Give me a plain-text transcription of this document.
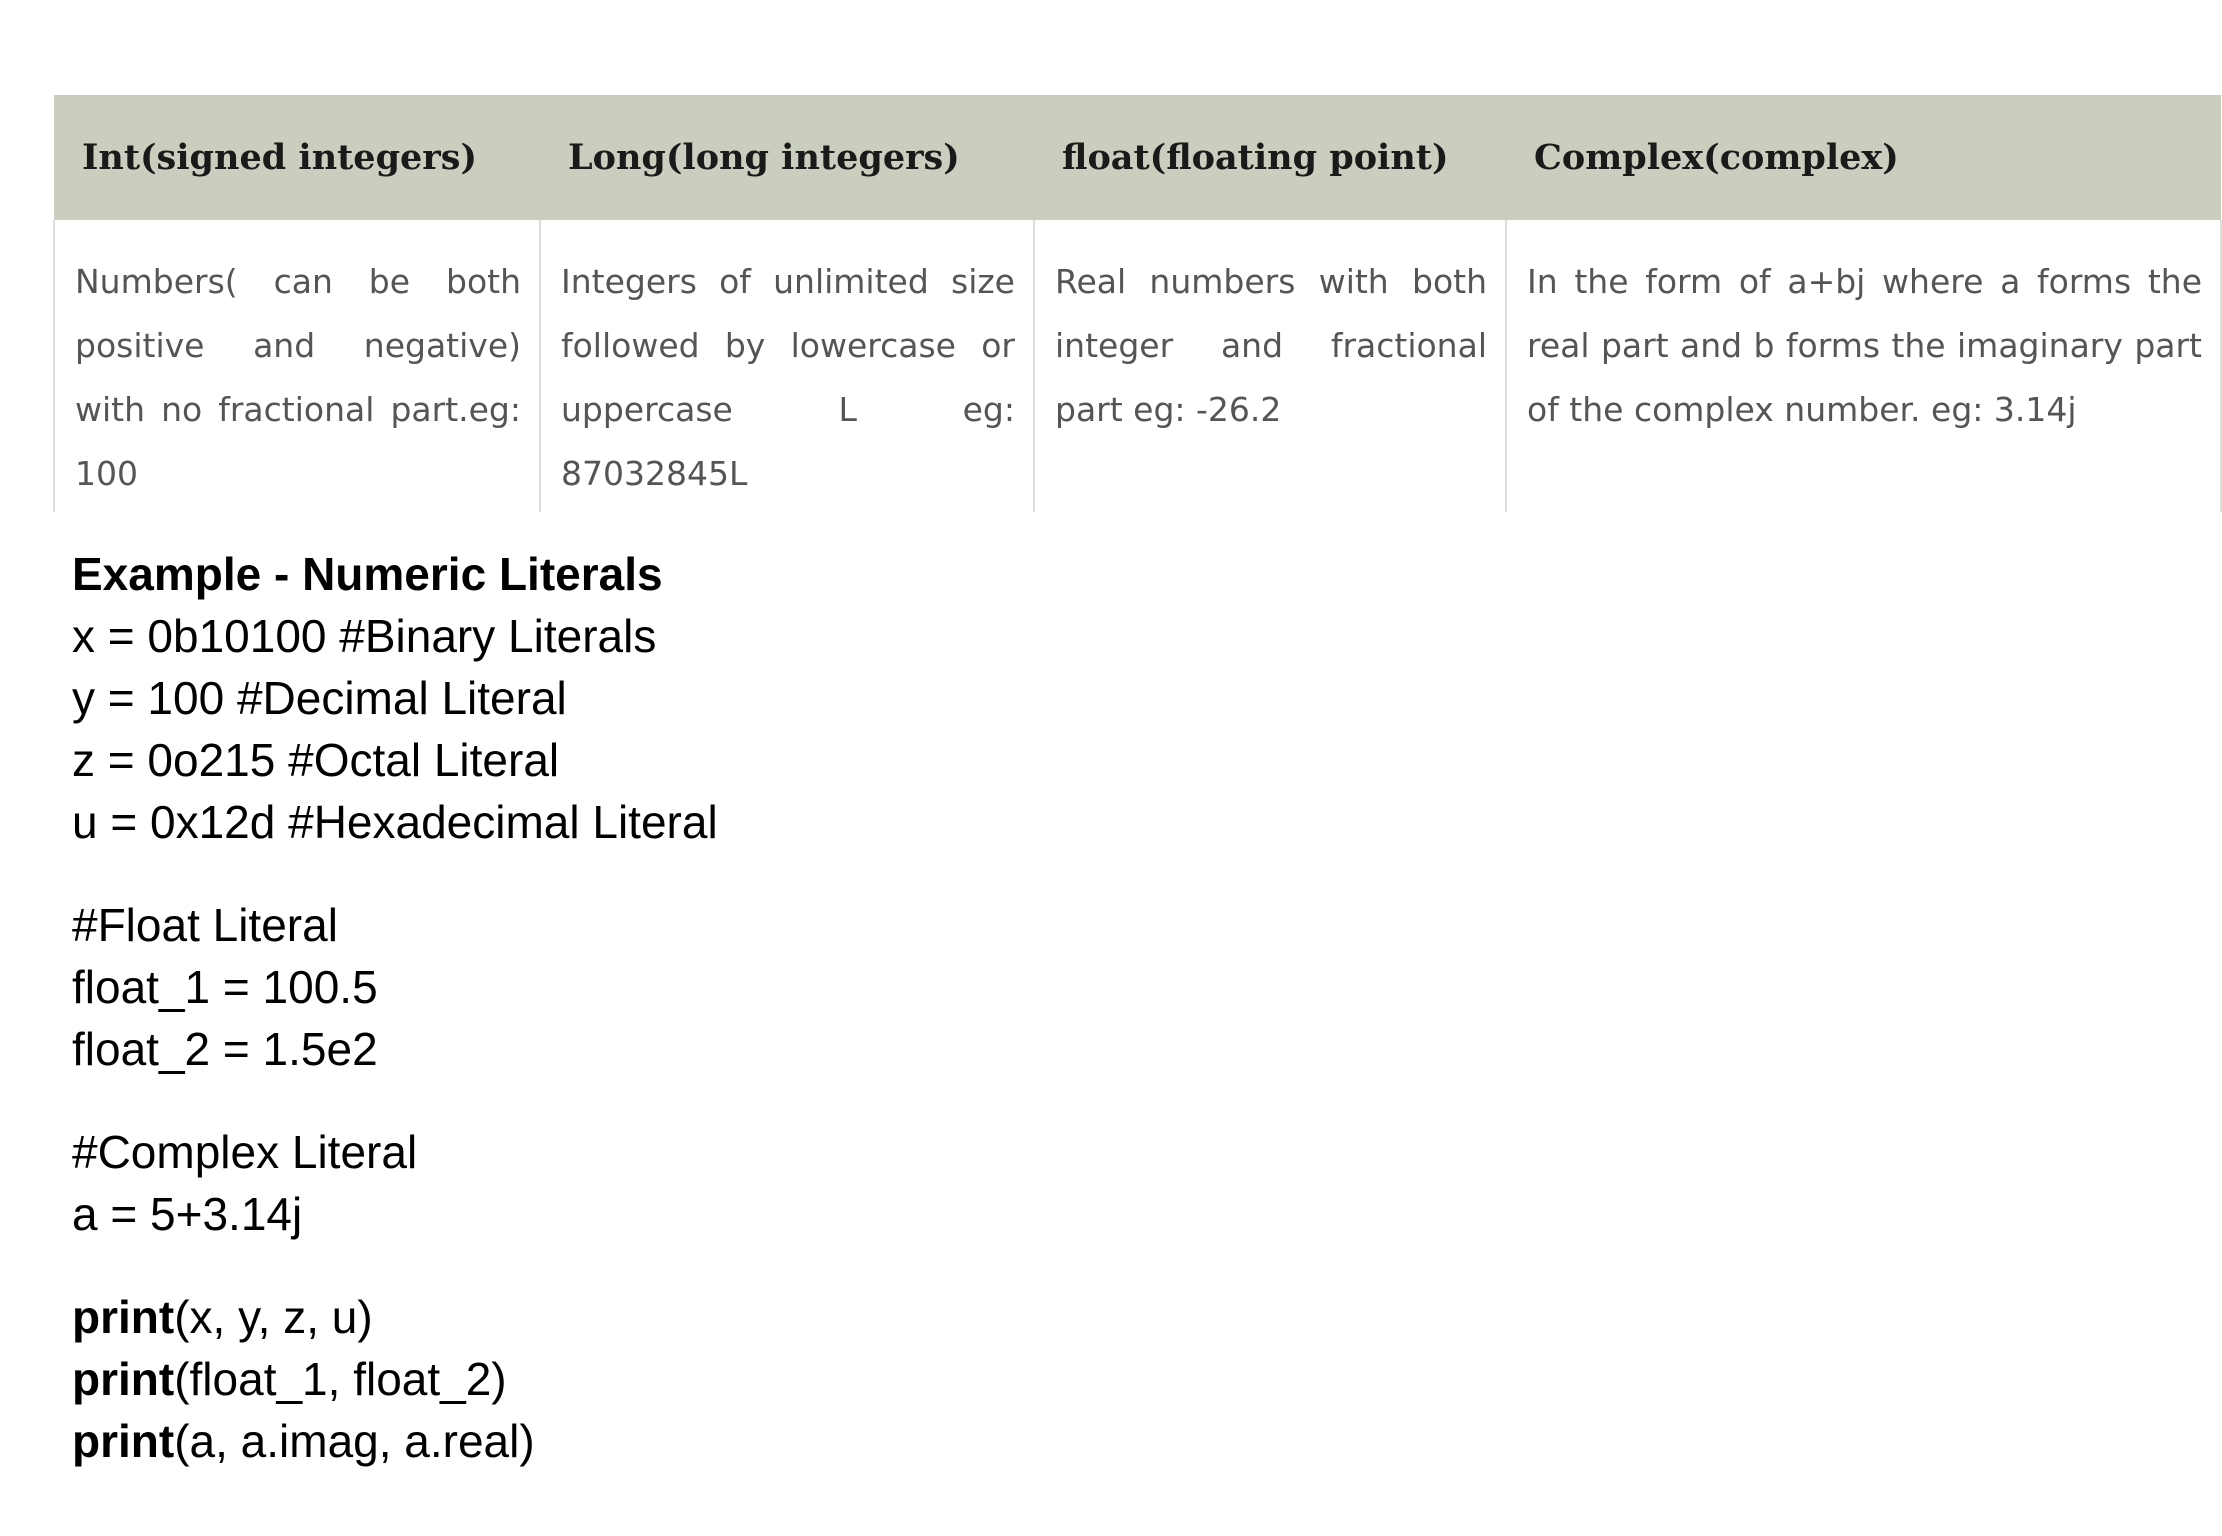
Int(signed integers)	Long(long integers)	float(floating point)	Complex(complex)
Numbers( can be both positive and negative) with no fractional part.eg: 100	Integers of unlimited size followed by lowercase or uppercase L eg: 87032845L	Real numbers with both integer and fractional part eg: -26.2	In the form of a+bj where a forms the real part and b forms the imaginary part of the complex number. eg: 3.14j
Example - Numeric Literals
x = 0b10100 #Binary Literals
y = 100 #Decimal Literal
z = 0o215 #Octal Literal
u = 0x12d #Hexadecimal Literal
#Float Literal
float_1 = 100.5
float_2 = 1.5e2
#Complex Literal
a = 5+3.14j
print(x, y, z, u)
print(float_1, float_2)
print(a, a.imag, a.real)
